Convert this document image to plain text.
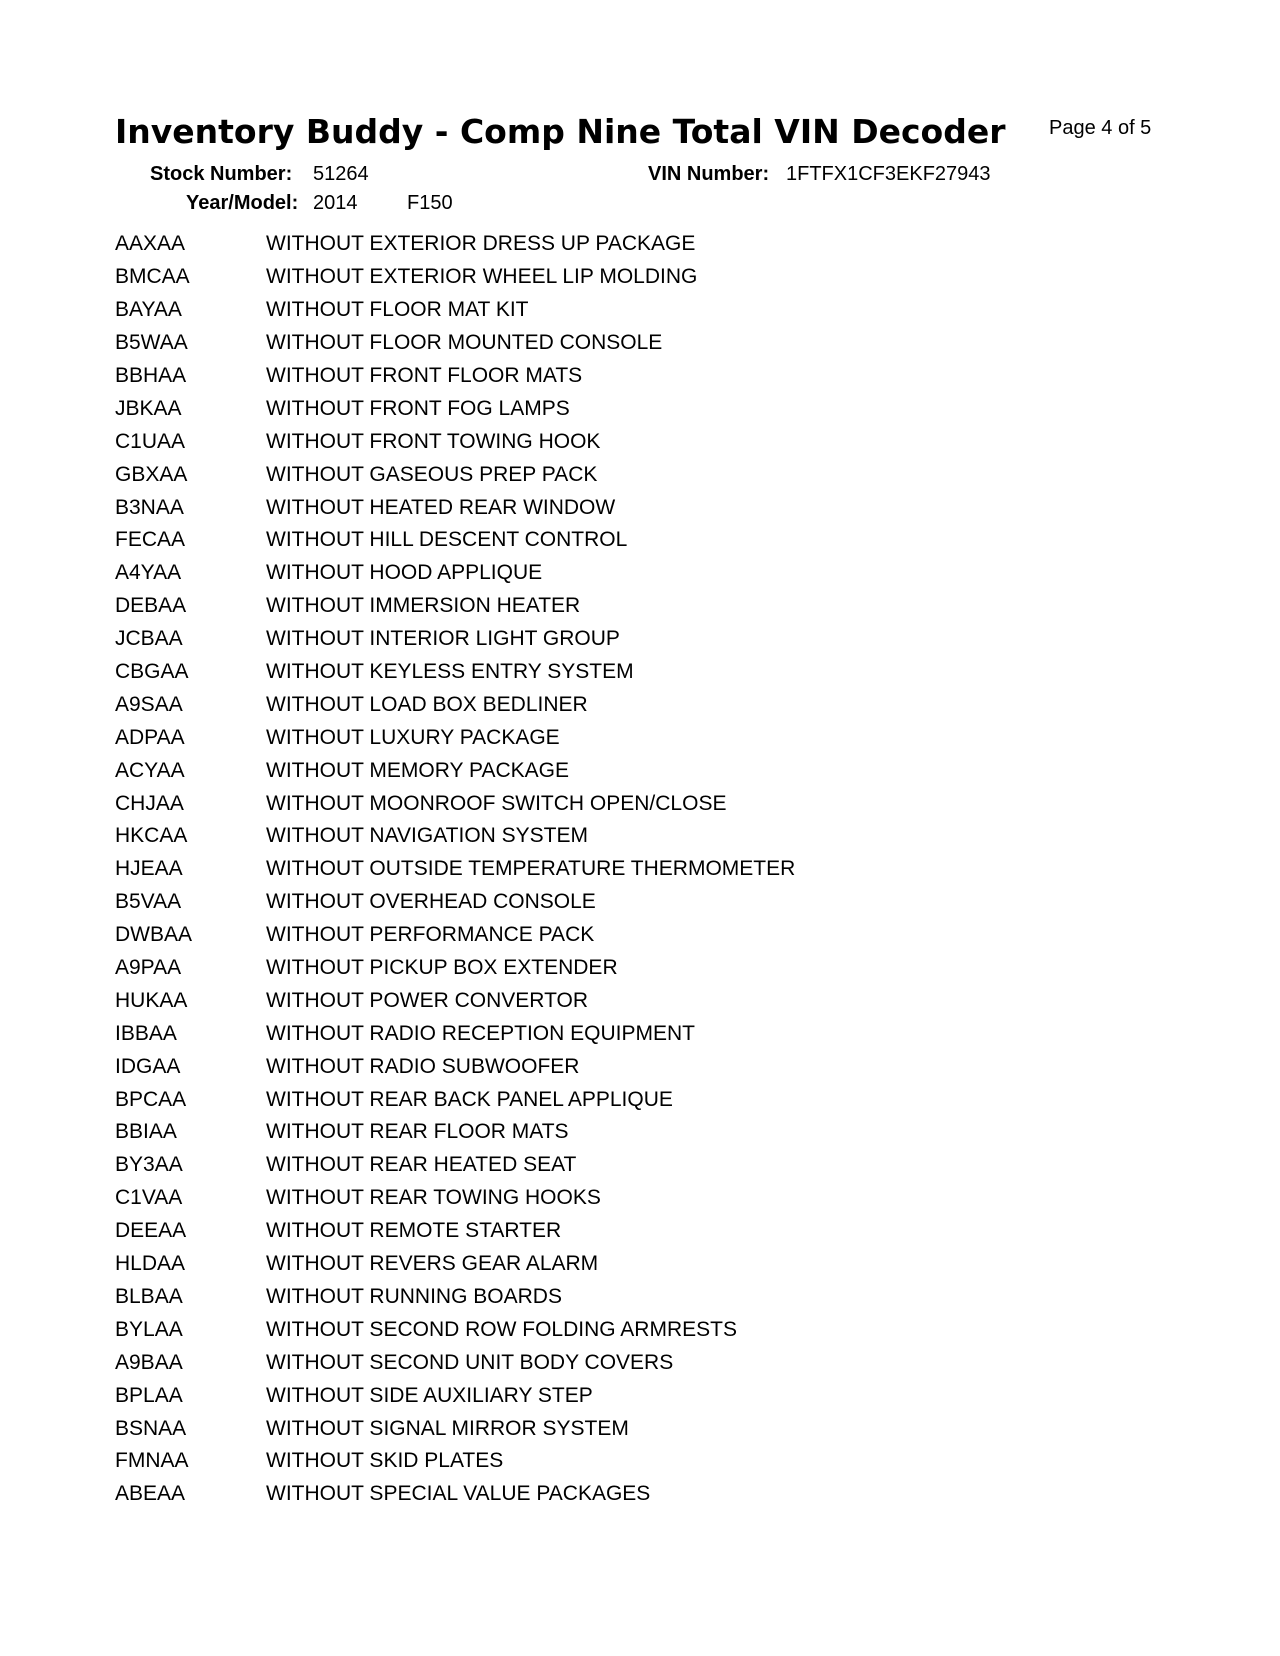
Inventory Buddy - Comp Nine Total VIN Decoder Page 4 of 5
Stock Number: 51264	VIN Number: 1FTFX1CF3EKF27943
Year/Model: 2014 F150
AAXAA	WITHOUT EXTERIOR DRESS UP PACKAGE
BMCAA	WITHOUT EXTERIOR WHEEL LIP MOLDING
BAYAA	WITHOUT FLOOR MAT KIT
B5WAA	WITHOUT FLOOR MOUNTED CONSOLE
BBHAA	WITHOUT FRONT FLOOR MATS
JBKAA	WITHOUT FRONT FOG LAMPS
C1UAA	WITHOUT FRONT TOWING HOOK
GBXAA	WITHOUT GASEOUS PREP PACK
B3NAA	WITHOUT HEATED REAR WINDOW
FECAA	WITHOUT HILL DESCENT CONTROL
A4YAA	WITHOUT HOOD APPLIQUE
DEBAA	WITHOUT IMMERSION HEATER
JCBAA	WITHOUT INTERIOR LIGHT GROUP
CBGAA	WITHOUT KEYLESS ENTRY SYSTEM
A9SAA	WITHOUT LOAD BOX BEDLINER
ADPAA	WITHOUT LUXURY PACKAGE
ACYAA	WITHOUT MEMORY PACKAGE
CHJAA	WITHOUT MOONROOF SWITCH OPEN/CLOSE
HKCAA	WITHOUT NAVIGATION SYSTEM
HJEAA	WITHOUT OUTSIDE TEMPERATURE THERMOMETER
B5VAA	WITHOUT OVERHEAD CONSOLE
DWBAA	WITHOUT PERFORMANCE PACK
A9PAA	WITHOUT PICKUP BOX EXTENDER
HUKAA	WITHOUT POWER CONVERTOR
IBBAA	WITHOUT RADIO RECEPTION EQUIPMENT
IDGAA	WITHOUT RADIO SUBWOOFER
BPCAA	WITHOUT REAR BACK PANEL APPLIQUE
BBIAA	WITHOUT REAR FLOOR MATS
BY3AA	WITHOUT REAR HEATED SEAT
C1VAA	WITHOUT REAR TOWING HOOKS
DEEAA	WITHOUT REMOTE STARTER
HLDAA	WITHOUT REVERS GEAR ALARM
BLBAA	WITHOUT RUNNING BOARDS
BYLAA	WITHOUT SECOND ROW FOLDING ARMRESTS
A9BAA	WITHOUT SECOND UNIT BODY COVERS
BPLAA	WITHOUT SIDE AUXILIARY STEP
BSNAA	WITHOUT SIGNAL MIRROR SYSTEM
FMNAA	WITHOUT SKID PLATES
ABEAA	WITHOUT SPECIAL VALUE PACKAGES
